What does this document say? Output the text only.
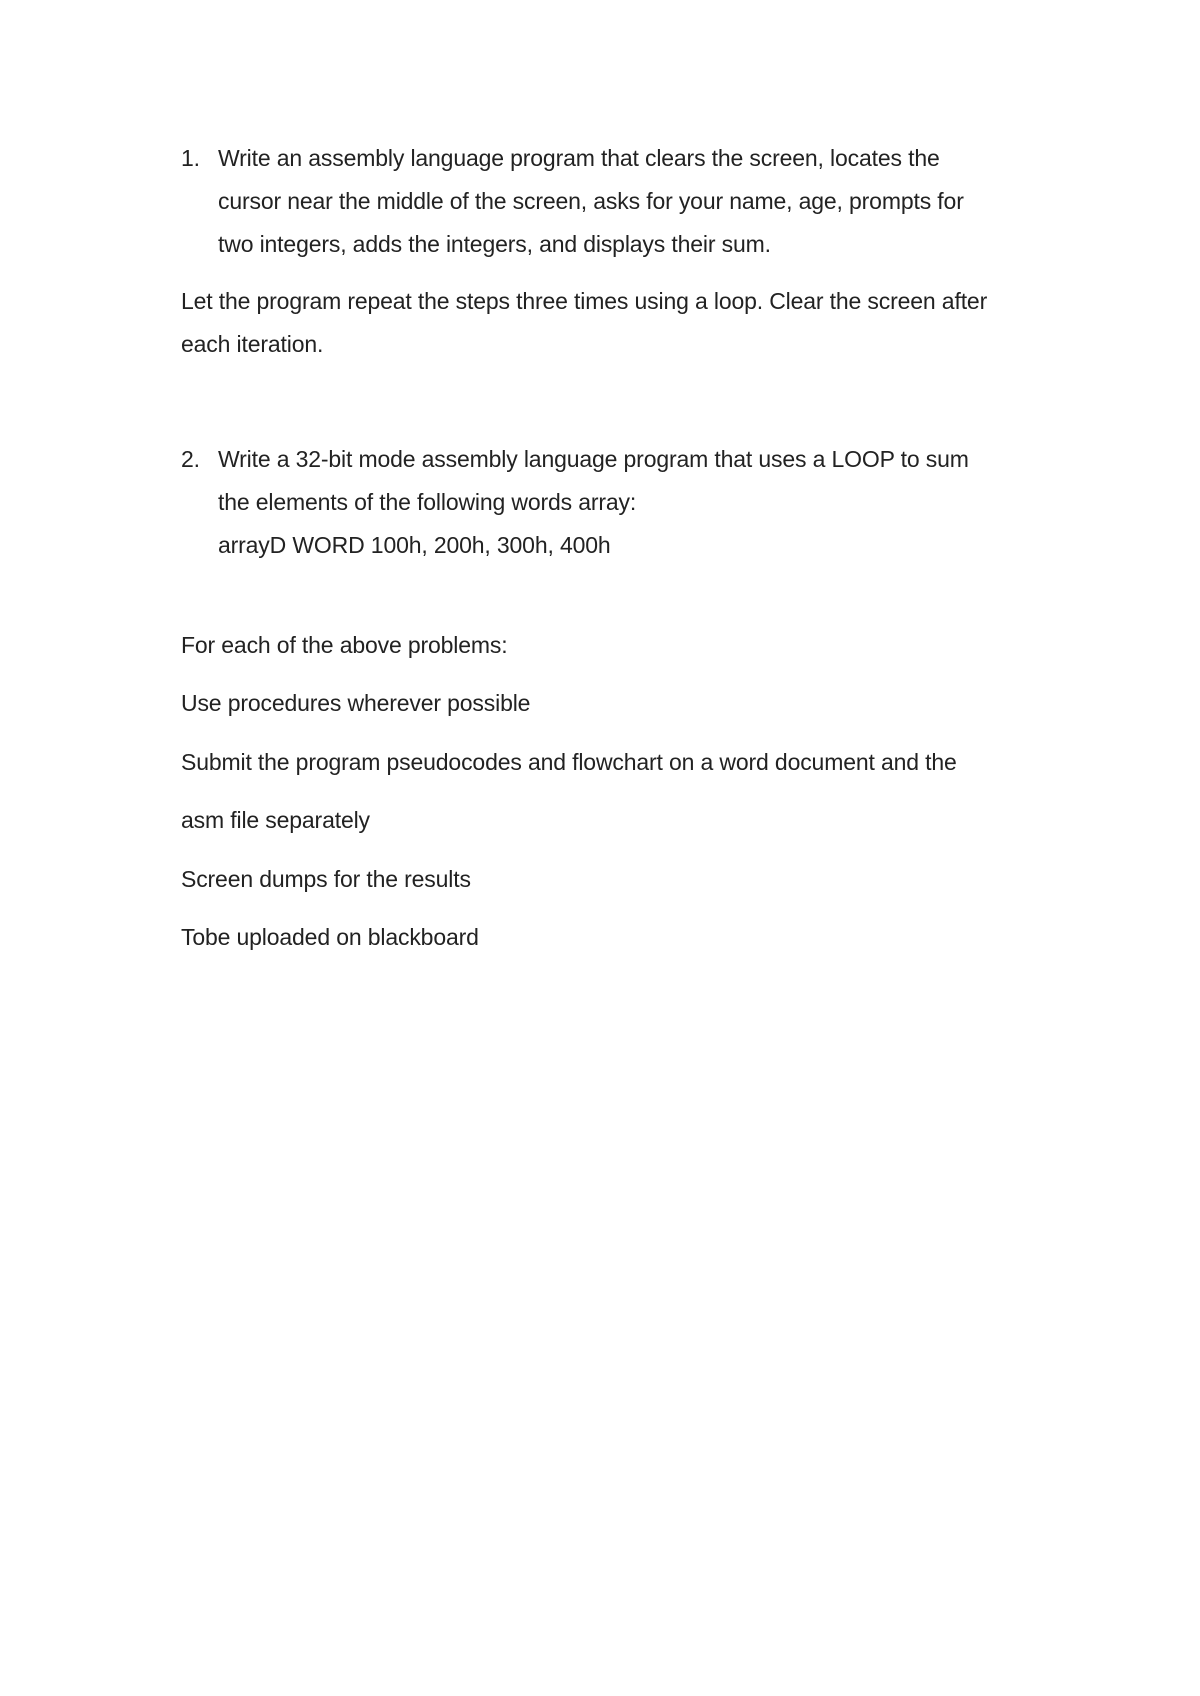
1. Write an assembly language program that clears the screen, locates the
cursor near the middle of the screen, asks for your name, age, prompts for
two integers, adds the integers, and displays their sum.
Let the program repeat the steps three times using a loop. Clear the screen after
each iteration.
2. Write a 32-bit mode assembly language program that uses a LOOP to sum
the elements of the following words array:
arrayD WORD 100h, 200h, 300h, 400h
For each of the above problems:
Use procedures wherever possible
Submit the program pseudocodes and flowchart on a word document and the
asm file separately
Screen dumps for the results
Tobe uploaded on blackboard
